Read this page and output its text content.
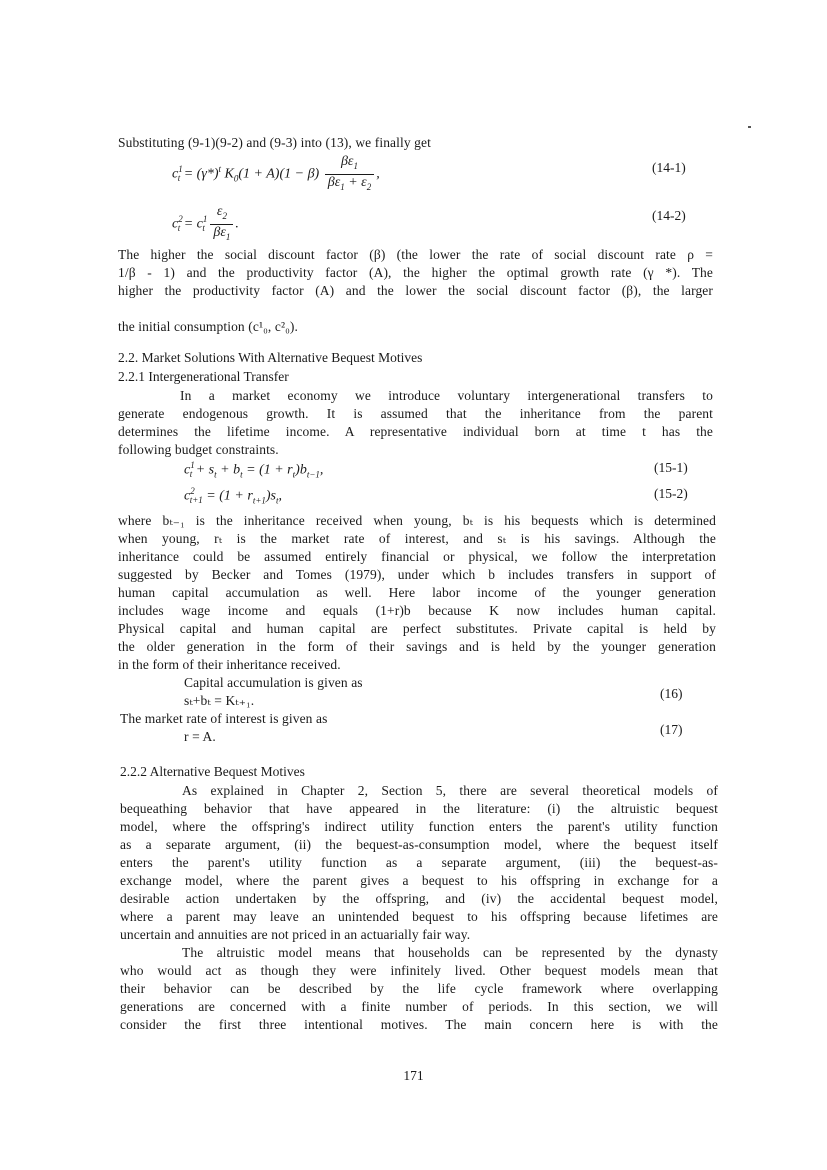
Substituting (9-1)(9-2) and (9-3) into (13), we finally get
$c^1_t = (\gamma*)^t$ $K_0(1 + A)(1 - \beta) \frac{\beta\varepsilon_1}{\beta\varepsilon_1 + \varepsilon_2}$ ,	(14-1)
$c^2_t = c^1_t \frac{\varepsilon_2}{\beta\varepsilon_1}$ .
(14-2)
The higher the social discount factor (β) (the lower the rate of social discount rate ρ =
1/β - 1) and the productivity factor (A), the higher the optimal growth rate (γ *). The
higher the productivity factor (A) and the lower the social discount factor (β), the larger
the initial consumption (c¹₀, c²₀).
2.2. Market Solutions With Alternative Bequest Motives
2.2.1 Intergenerational Transfer
In a market economy we introduce voluntary intergenerational transfers to
generate endogenous growth. It is assumed that the inheritance from the parent
determines the lifetime income. A representative individual born at time t has the
following budget constraints.
$c^1_t + s_t + b_t = (1 + r_t)b_{t-1}$,	(15-1)
$c^2_{t+1} = (1 + r_{t+1})s_t$,	(15-2)
where bₜ₋₁ is the inheritance received when young, bₜ is his bequests which is determined
when young, rₜ is the market rate of interest, and sₜ is his savings. Although the
inheritance could be assumed entirely financial or physical, we follow the interpretation
suggested by Becker and Tomes (1979), under which b includes transfers in support of
human capital accumulation as well. Here labor income of the younger generation
includes wage income and equals (1+r)b because K now includes human capital.
Physical capital and human capital are perfect substitutes. Private capital is held by
the older generation in the form of their savings and is held by the younger generation
in the form of their inheritance received.
Capital accumulation is given as
sₜ+bₜ = Kₜ₊₁.	(16)
The market rate of interest is given as
r = A.	(17)
2.2.2 Alternative Bequest Motives
As explained in Chapter 2, Section 5, there are several theoretical models of
bequeathing behavior that have appeared in the literature: (i) the altruistic bequest
model, where the offspring's indirect utility function enters the parent's utility function
as a separate argument, (ii) the bequest-as-consumption model, where the bequest itself
enters the parent's utility function as a separate argument, (iii) the bequest-as-
exchange model, where the parent gives a bequest to his offspring in exchange for a
desirable action undertaken by the offspring, and (iv) the accidental bequest model,
where a parent may leave an unintended bequest to his offspring because lifetimes are
uncertain and annuities are not priced in an actuarially fair way.
The altruistic model means that households can be represented by the dynasty
who would act as though they were infinitely lived. Other bequest models mean that
their behavior can be described by the life cycle framework where overlapping
generations are concerned with a finite number of periods. In this section, we will
consider the first three intentional motives. The main concern here is with the
171
